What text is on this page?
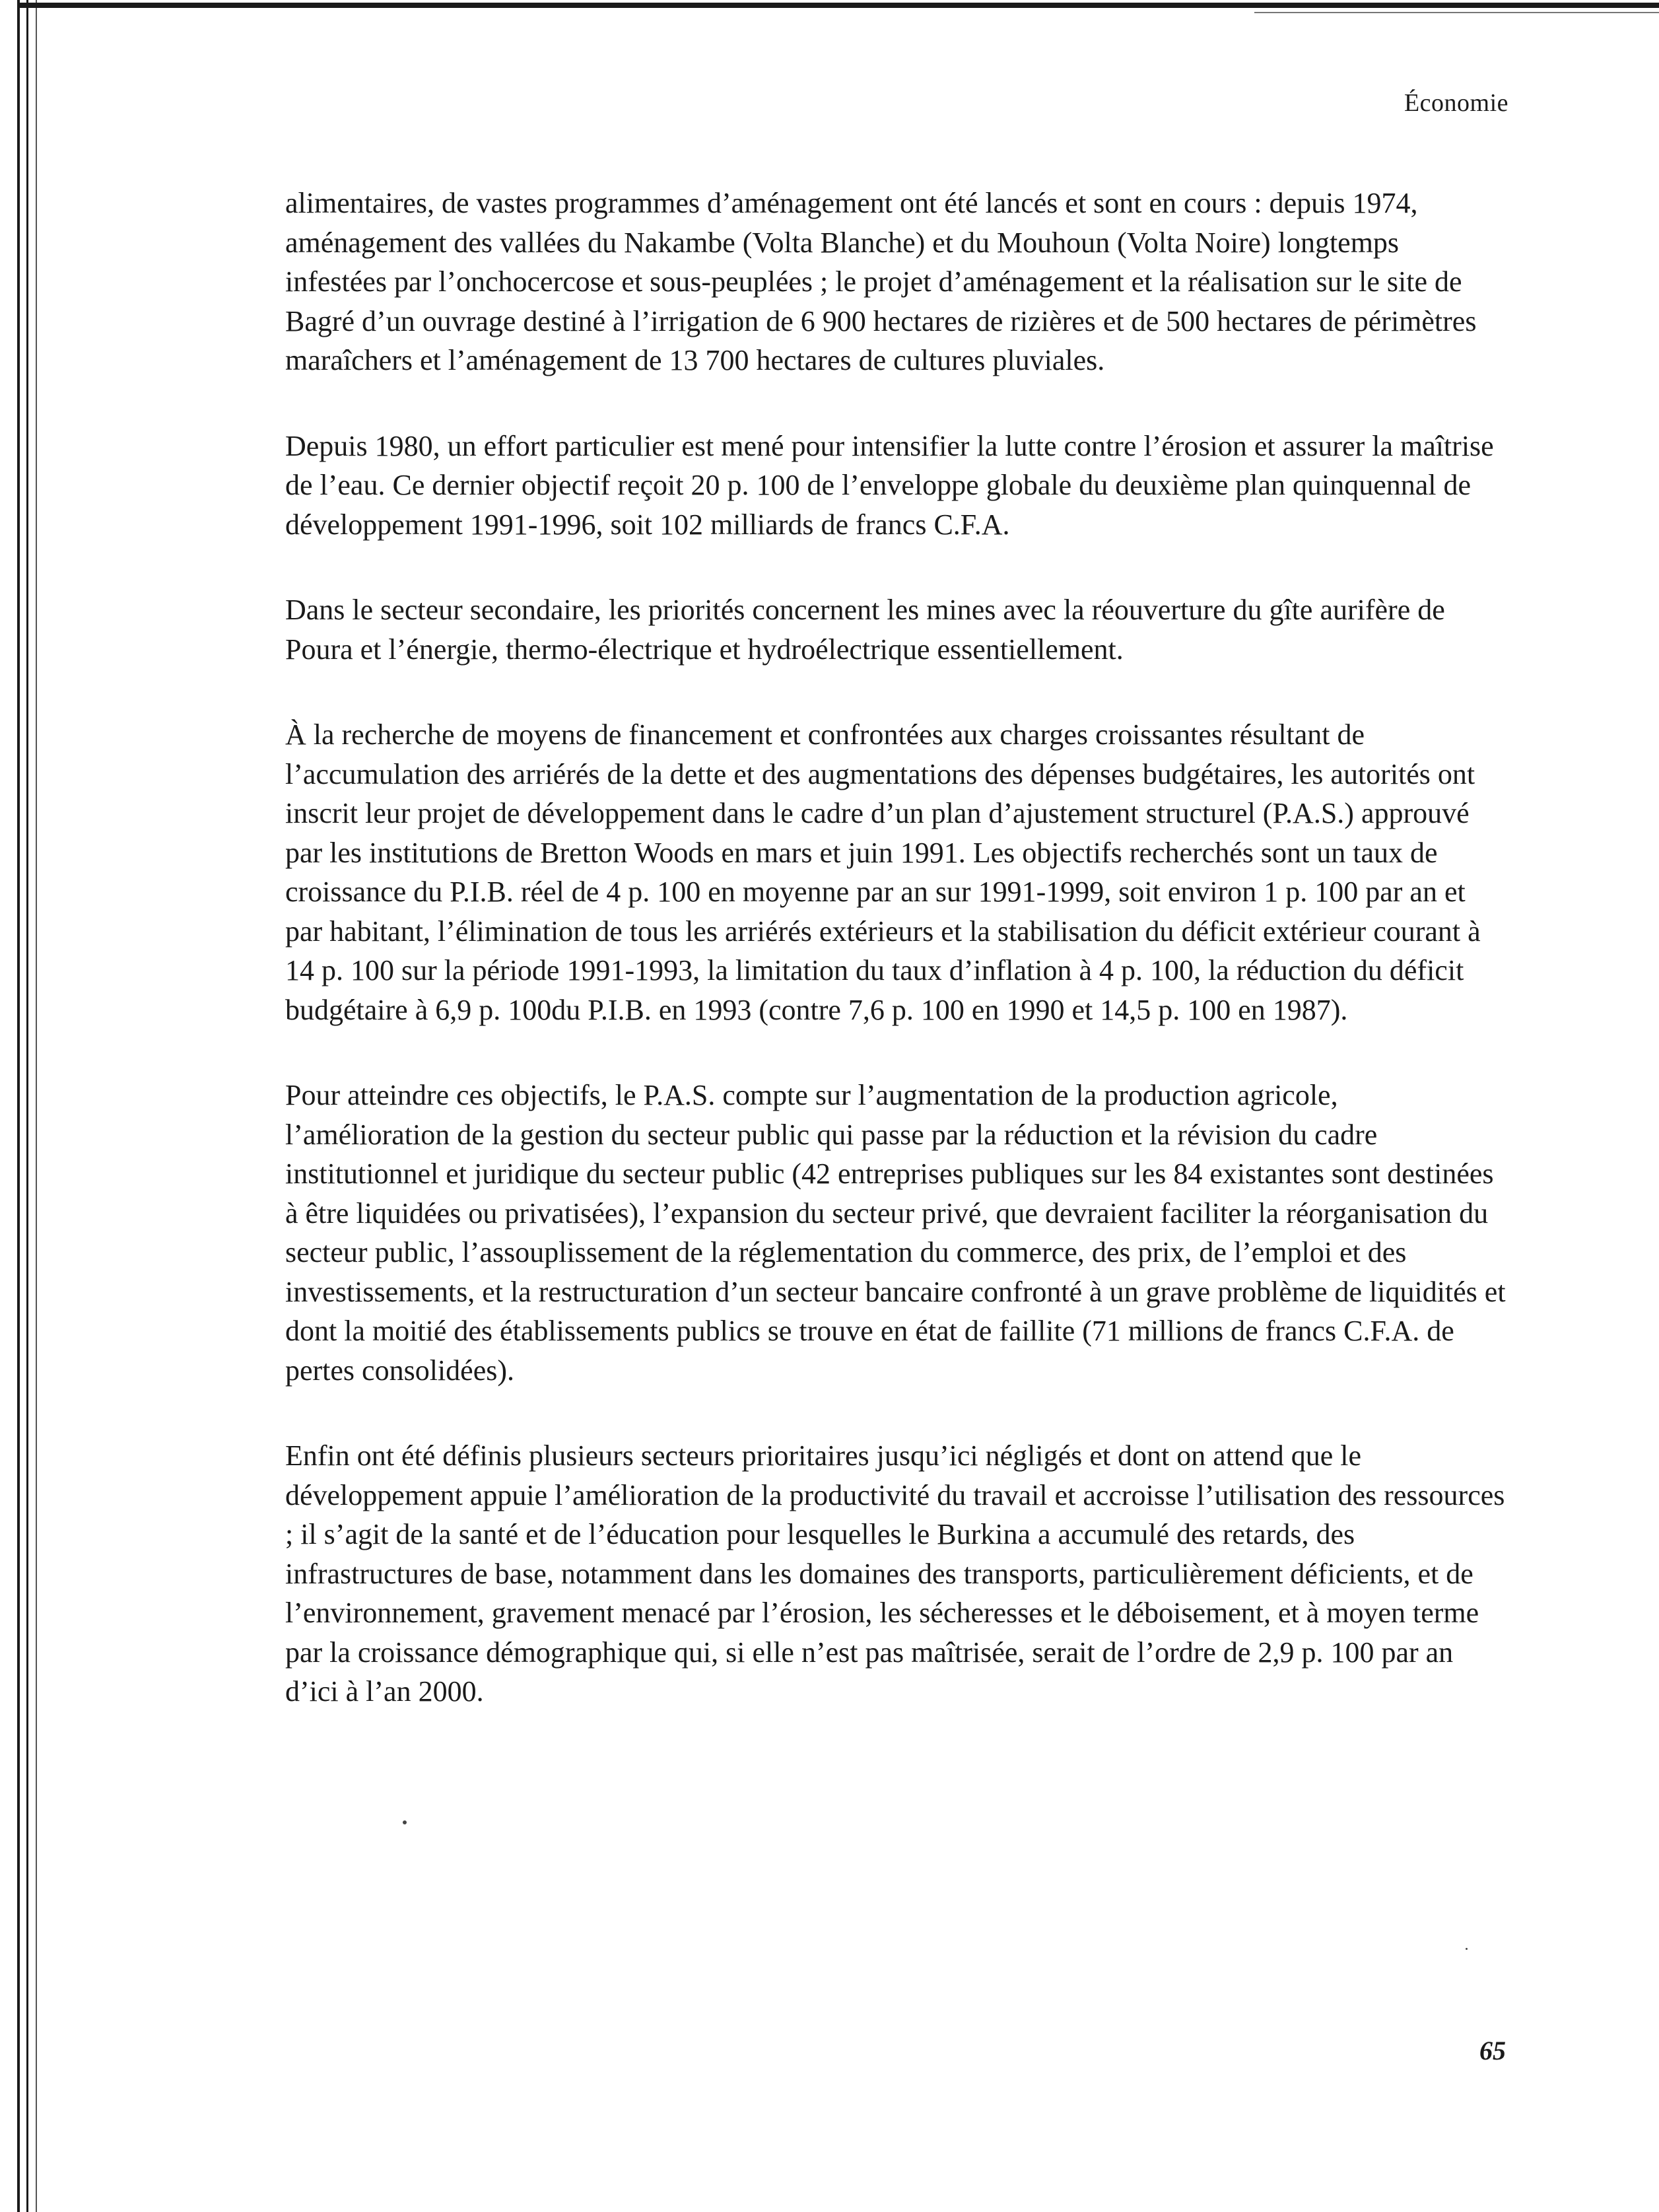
Économie

alimentaires, de vastes programmes d’aménagement ont été lancés et sont en cours : depuis 1974, aménagement des vallées du Nakambe (Volta Blanche) et du Mouhoun (Volta Noire) longtemps infestées par l’onchocercose et sous-peuplées ; le projet d’aménagement et la réalisation sur le site de Bagré d’un ouvrage destiné à l’irrigation de 6 900 hectares de rizières et de 500 hectares de périmètres maraîchers et l’aménagement de 13 700 hectares de cultures pluviales.

Depuis 1980, un effort particulier est mené pour intensifier la lutte contre l’érosion et assurer la maîtrise de l’eau. Ce dernier objectif reçoit 20 p. 100 de l’enveloppe globale du deuxième plan quinquennal de développement 1991-1996, soit 102 milliards de francs C.F.A.

Dans le secteur secondaire, les priorités concernent les mines avec la réouverture du gîte aurifère de Poura et l’énergie, thermo-électrique et hydroélectrique essentiellement.

À la recherche de moyens de financement et confrontées aux charges croissantes résultant de l’accumulation des arriérés de la dette et des augmentations des dépenses budgétaires, les autorités ont inscrit leur projet de développement dans le cadre d’un plan d’ajustement structurel (P.A.S.) approuvé par les institutions de Bretton Woods en mars et juin 1991. Les objectifs recherchés sont un taux de croissance du P.I.B. réel de 4 p. 100 en moyenne par an sur 1991-1999, soit environ 1 p. 100 par an et par habitant, l’élimination de tous les arriérés extérieurs et la stabilisation du déficit extérieur courant à 14 p. 100 sur la période 1991-1993, la limitation du taux d’inflation à 4 p. 100, la réduction du déficit budgétaire à 6,9 p. 100du P.I.B. en 1993 (contre 7,6 p. 100 en 1990 et 14,5 p. 100 en 1987).

Pour atteindre ces objectifs, le P.A.S. compte sur l’augmentation de la production agricole, l’amélioration de la gestion du secteur public qui passe par la réduction et la révision du cadre institutionnel et juridique du secteur public (42 entreprises publiques sur les 84 existantes sont destinées à être liquidées ou privatisées), l’expansion du secteur privé, que devraient faciliter la réorganisation du secteur public, l’assouplissement de la réglementation du commerce, des prix, de l’emploi et des investissements, et la restructuration d’un secteur bancaire confronté à un grave problème de liquidités et dont la moitié des établissements publics se trouve en état de faillite (71 millions de francs C.F.A. de pertes consolidées).

Enfin ont été définis plusieurs secteurs prioritaires jusqu’ici négligés et dont on attend que le développement appuie l’amélioration de la productivité du travail et accroisse l’utilisation des ressources ; il s’agit de la santé et de l’éducation pour lesquelles le Burkina a accumulé des retards, des infrastructures de base, notamment dans les domaines des transports, particulièrement déficients, et de l’environnement, gravement menacé par l’érosion, les sécheresses et le déboisement, et à moyen terme par la croissance démographique qui, si elle n’est pas maîtrisée, serait de l’ordre de 2,9 p. 100 par an d’ici à l’an 2000.

65
